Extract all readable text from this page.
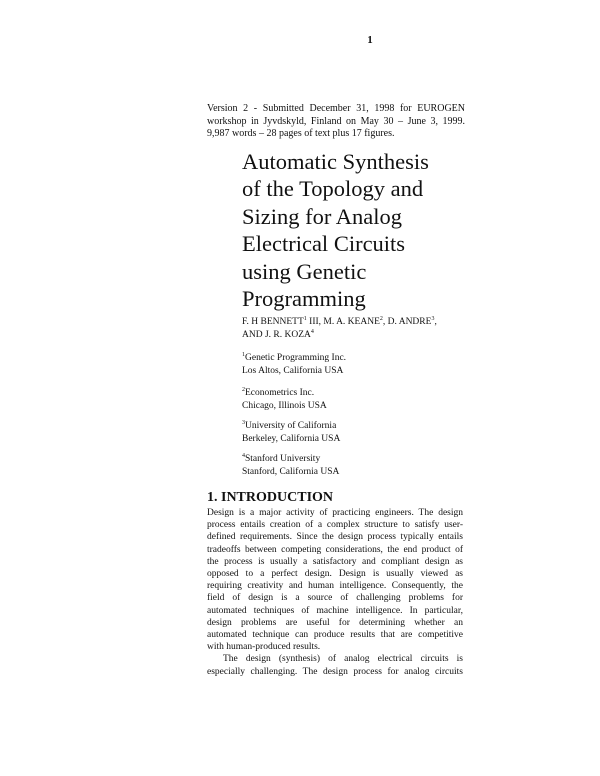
1
Version 2 - Submitted December 31, 1998 for EUROGEN
workshop in Jyvdskyld, Finland on May 30 – June 3, 1999.
9,987 words – 28 pages of text plus 17 figures.
Automatic Synthesis
of the Topology and
Sizing for Analog
Electrical Circuits
using Genetic
Programming
F. H BENNETT$^1$ III, M. A. KEANE$^2$, D. ANDRE$^3$,
AND J. R. KOZA$^4$
$^1$Genetic Programming Inc.
Los Altos, California USA
$^2$Econometrics Inc.
Chicago, Illinois USA
$^3$University of California
Berkeley, California USA
$^4$Stanford University
Stanford, California USA
1. INTRODUCTION
Design is a major activity of practicing engineers. The design
process entails creation of a complex structure to satisfy user-
defined requirements. Since the design process typically entails
tradeoffs between competing considerations, the end product of
the process is usually a satisfactory and compliant design as
opposed to a perfect design. Design is usually viewed as
requiring creativity and human intelligence. Consequently, the
field of design is a source of challenging problems for
automated techniques of machine intelligence. In particular,
design problems are useful for determining whether an
automated technique can produce results that are competitive
with human-produced results.
The design (synthesis) of analog electrical circuits is
especially challenging. The design process for analog circuits
